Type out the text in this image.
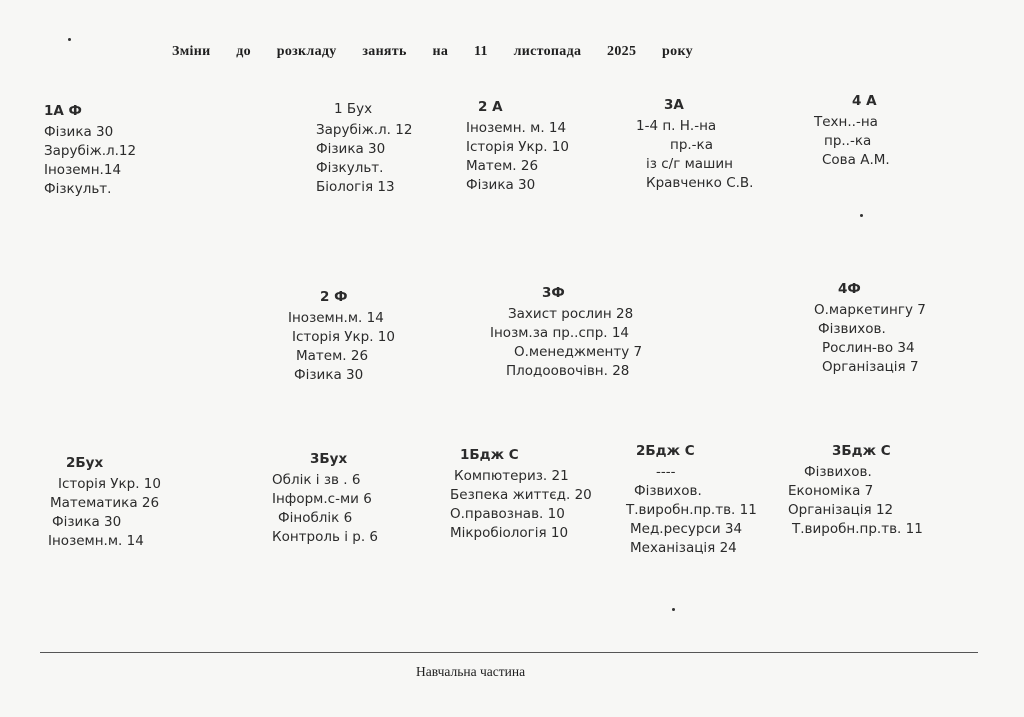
Зміни до розкладу занять на 11 листопада 2025 року
1А Ф
Фізика 30
Зарубіж.л.12
Іноземн.14
Фізкульт.
1 Бух
Зарубіж.л. 12
Фізика 30
Фізкульт.
Біологія 13
2 А
Іноземн. м. 14
Історія Укр. 10
Матем. 26
Фізика 30
3А
1-4 п. Н.-на
пр.-ка
із с/г машин
Кравченко С.В.
4 А
Техн..-на
пр..-ка
Сова А.М.
2 Ф
Іноземн.м. 14
Історія Укр. 10
Матем. 26
Фізика 30
3Ф
Захист рослин 28
Інозм.за пр..спр. 14
О.менеджменту 7
Плодоовочівн. 28
4Ф
О.маркетингу 7
Фізвихов.
Рослин-во 34
Організація 7
2Бух
Історія Укр. 10
Математика 26
Фізика 30
Іноземн.м. 14
3Бух
Облік і зв . 6
Інформ.с-ми 6
Фіноблік 6
Контроль і р. 6
1Бдж С
Компютериз. 21
Безпека життєд. 20
О.правознав. 10
Мікробіологія 10
2Бдж С
----
Фізвихов.
Т.виробн.пр.тв. 11
Мед.ресурси 34
Механізація 24
3Бдж С
Фізвихов.
Економіка 7
Організація 12
Т.виробн.пр.тв. 11
Навчальна частина
